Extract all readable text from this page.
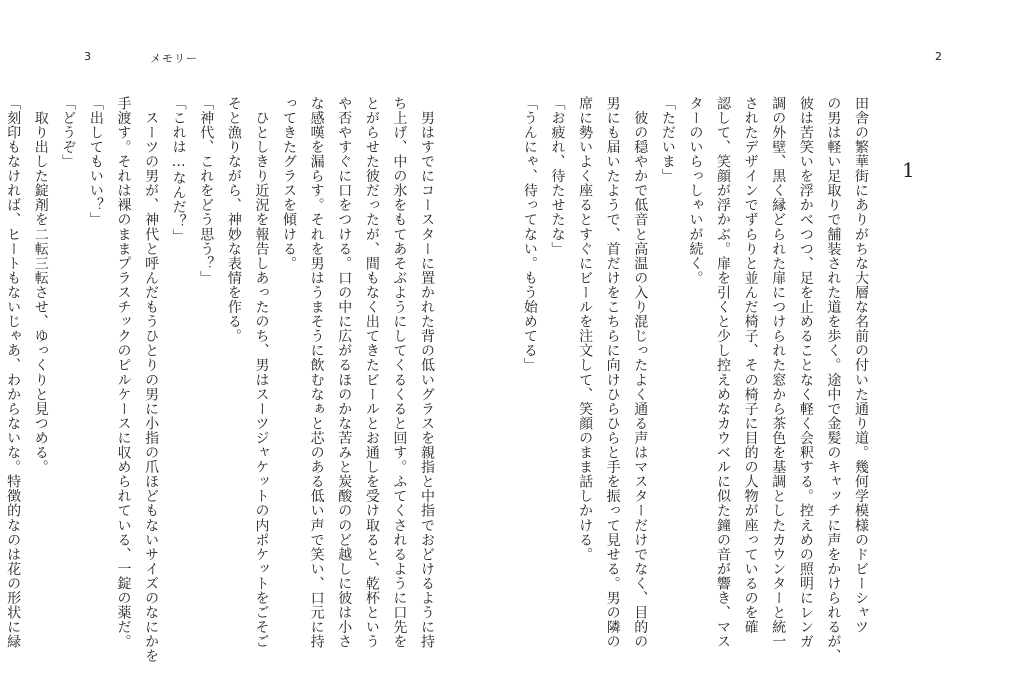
3	メモリー	2
1
田舎の繁華街にありがちな大層な名前の付いた通り道。幾何学模様のドビーシャツ
の男は軽い足取りで舗装された道を歩く。途中で金髪のキャッチに声をかけられるが、
彼は苦笑いを浮かべつつ、足を止めることなく軽く会釈する。控えめの照明にレンガ
調の外壁、黒く縁どられた扉につけられた窓から茶色を基調としたカウンターと統一
されたデザインでずらりと並んだ椅子、その椅子に目的の人物が座っているのを確
認して、笑顔が浮かぶ。扉を引くと少し控えめなカウベルに似た鐘の音が響き、マス
ターのいらっしゃいが続く。
「ただいま」
　彼の穏やかで低音と高温の入り混じったよく通る声はマスターだけでなく、目的の
男にも届いたようで、首だけをこちらに向けひらひらと手を振って見せる。男の隣の
席に勢いよく座るとすぐにビールを注文して、笑顔のまま話しかける。
「お疲れ、待たせたな」
「うんにゃ、待ってない。もう始めてる」
　男はすでにコースターに置かれた背の低いグラスを親指と中指でおどけるように持
ち上げ、中の氷をもてあそぶようにしてくるくると回す。ふてくされるように口先を
とがらせた彼だったが、間もなく出てきたビールとお通しを受け取ると、乾杯という
や否やすぐに口をつける。口の中に広がるほのかな苦みと炭酸ののど越しに彼は小さ
な感嘆を漏らす。それを男はうまそうに飲むなぁと芯のある低い声で笑い、口元に持
ってきたグラスを傾ける。
　ひとしきり近況を報告しあったのち、男はスーツジャケットの内ポケットをごそご
そと漁りながら、神妙な表情を作る。
「神代、これをどう思う？」
「これは…なんだ？」
　スーツの男が、神代と呼んだもうひとりの男に小指の爪ほどもないサイズのなにかを
手渡す。それは裸のままプラスチックのピルケースに収められている、一錠の薬だ。
「出してもいい？」
「どうぞ」
　取り出した錠剤を二転三転させ、ゆっくりと見つめる。
「刻印もなければ、ヒートもないじゃあ、わからないな。特徴的なのは花の形状に緑
